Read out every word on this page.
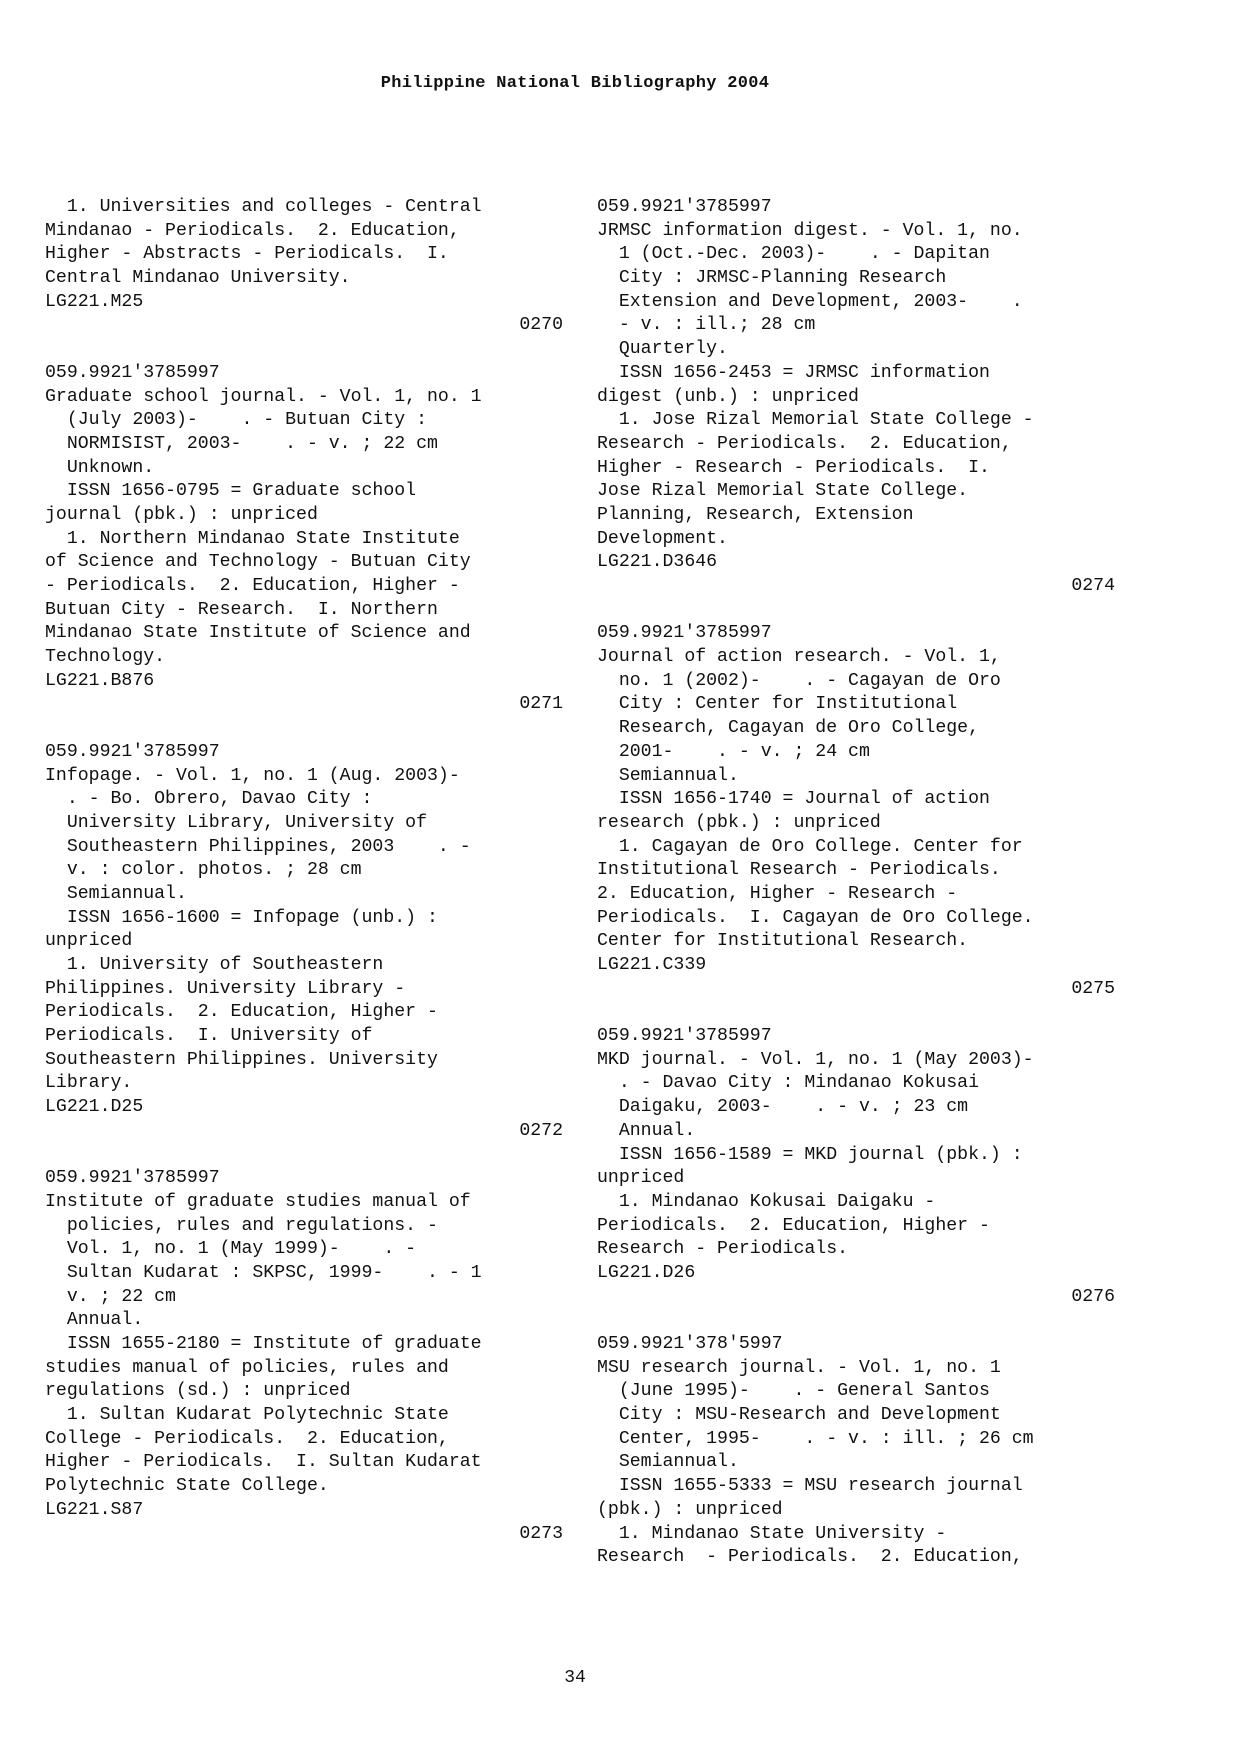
Philippine National Bibliography 2004
1. Universities and colleges - Central
Mindanao - Periodicals.  2. Education,
Higher - Abstracts - Periodicals.  I.
Central Mindanao University.
LG221.M25
0270
059.9921'3785997
Graduate school journal. - Vol. 1, no. 1
(July 2003)-    . - Butuan City :
NORMISIST, 2003-    . - v. ; 22 cm
Unknown.
ISSN 1656-0795 = Graduate school
journal (pbk.) : unpriced
1. Northern Mindanao State Institute
of Science and Technology - Butuan City
- Periodicals.  2. Education, Higher -
Butuan City - Research.  I. Northern
Mindanao State Institute of Science and
Technology.
LG221.B876
0271
059.9921'3785997
Infopage. - Vol. 1, no. 1 (Aug. 2003)-
. - Bo. Obrero, Davao City :
University Library, University of
Southeastern Philippines, 2003    . -
v. : color. photos. ; 28 cm
Semiannual.
ISSN 1656-1600 = Infopage (unb.) :
unpriced
1. University of Southeastern
Philippines. University Library -
Periodicals.  2. Education, Higher -
Periodicals.  I. University of
Southeastern Philippines. University
Library.
LG221.D25
0272
059.9921'3785997
Institute of graduate studies manual of
policies, rules and regulations. -
Vol. 1, no. 1 (May 1999)-    . -
Sultan Kudarat : SKPSC, 1999-    . - 1
v. ; 22 cm
Annual.
ISSN 1655-2180 = Institute of graduate
studies manual of policies, rules and
regulations (sd.) : unpriced
1. Sultan Kudarat Polytechnic State
College - Periodicals.  2. Education,
Higher - Periodicals.  I. Sultan Kudarat
Polytechnic State College.
LG221.S87
0273
059.9921'3785997
JRMSC information digest. - Vol. 1, no.
1 (Oct.-Dec. 2003)-    . - Dapitan
City : JRMSC-Planning Research
Extension and Development, 2003-    .
- v. : ill.; 28 cm
Quarterly.
ISSN 1656-2453 = JRMSC information
digest (unb.) : unpriced
1. Jose Rizal Memorial State College -
Research - Periodicals.  2. Education,
Higher - Research - Periodicals.  I.
Jose Rizal Memorial State College.
Planning, Research, Extension
Development.
LG221.D3646
0274
059.9921'3785997
Journal of action research. - Vol. 1,
no. 1 (2002)-    . - Cagayan de Oro
City : Center for Institutional
Research, Cagayan de Oro College,
2001-    . - v. ; 24 cm
Semiannual.
ISSN 1656-1740 = Journal of action
research (pbk.) : unpriced
1. Cagayan de Oro College. Center for
Institutional Research - Periodicals.
2. Education, Higher - Research -
Periodicals.  I. Cagayan de Oro College.
Center for Institutional Research.
LG221.C339
0275
059.9921'3785997
MKD journal. - Vol. 1, no. 1 (May 2003)-
. - Davao City : Mindanao Kokusai
Daigaku, 2003-    . - v. ; 23 cm
Annual.
ISSN 1656-1589 = MKD journal (pbk.) :
unpriced
1. Mindanao Kokusai Daigaku -
Periodicals.  2. Education, Higher -
Research - Periodicals.
LG221.D26
0276
059.9921'378'5997
MSU research journal. - Vol. 1, no. 1
(June 1995)-    . - General Santos
City : MSU-Research and Development
Center, 1995-    . - v. : ill. ; 26 cm
Semiannual.
ISSN 1655-5333 = MSU research journal
(pbk.) : unpriced
1. Mindanao State University -
Research  - Periodicals.  2. Education,
34
